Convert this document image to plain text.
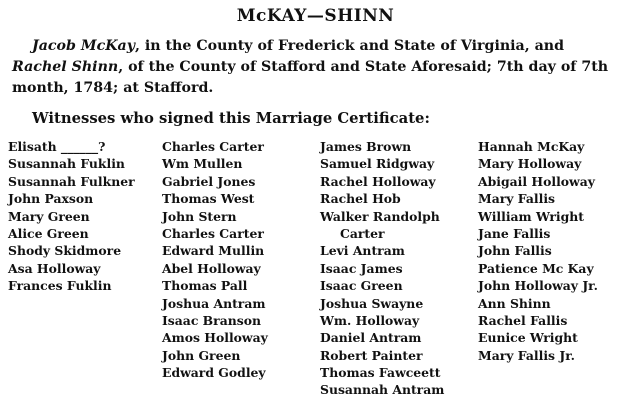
McKAY—SHINN
Jacob McKay, in the County of Frederick and State of Virginia, and
Rachel Shinn, of the County of Stafford and State Aforesaid; 7th day of 7th
month, 1784; at Stafford.
Witnesses who signed this Marriage Certificate:
Elisath ______?
Susannah Fuklin
Susannah Fulkner
John Paxson
Mary Green
Alice Green
Shody Skidmore
Asa Holloway
Frances Fuklin
Charles Carter
Wm Mullen
Gabriel Jones
Thomas West
John Stern
Charles Carter
Edward Mullin
Abel Holloway
Thomas Pall
Joshua Antram
Isaac Branson
Amos Holloway
John Green
Edward Godley
James Brown
Samuel Ridgway
Rachel Holloway
Rachel Hob
Walker Randolph
Carter
Levi Antram
Isaac James
Isaac Green
Joshua Swayne
Wm. Holloway
Daniel Antram
Robert Painter
Thomas Fawceett
Susannah Antram
Hannah McKay
Mary Holloway
Abigail Holloway
Mary Fallis
William Wright
Jane Fallis
John Fallis
Patience Mc Kay
John Holloway Jr.
Ann Shinn
Rachel Fallis
Eunice Wright
Mary Fallis Jr.
